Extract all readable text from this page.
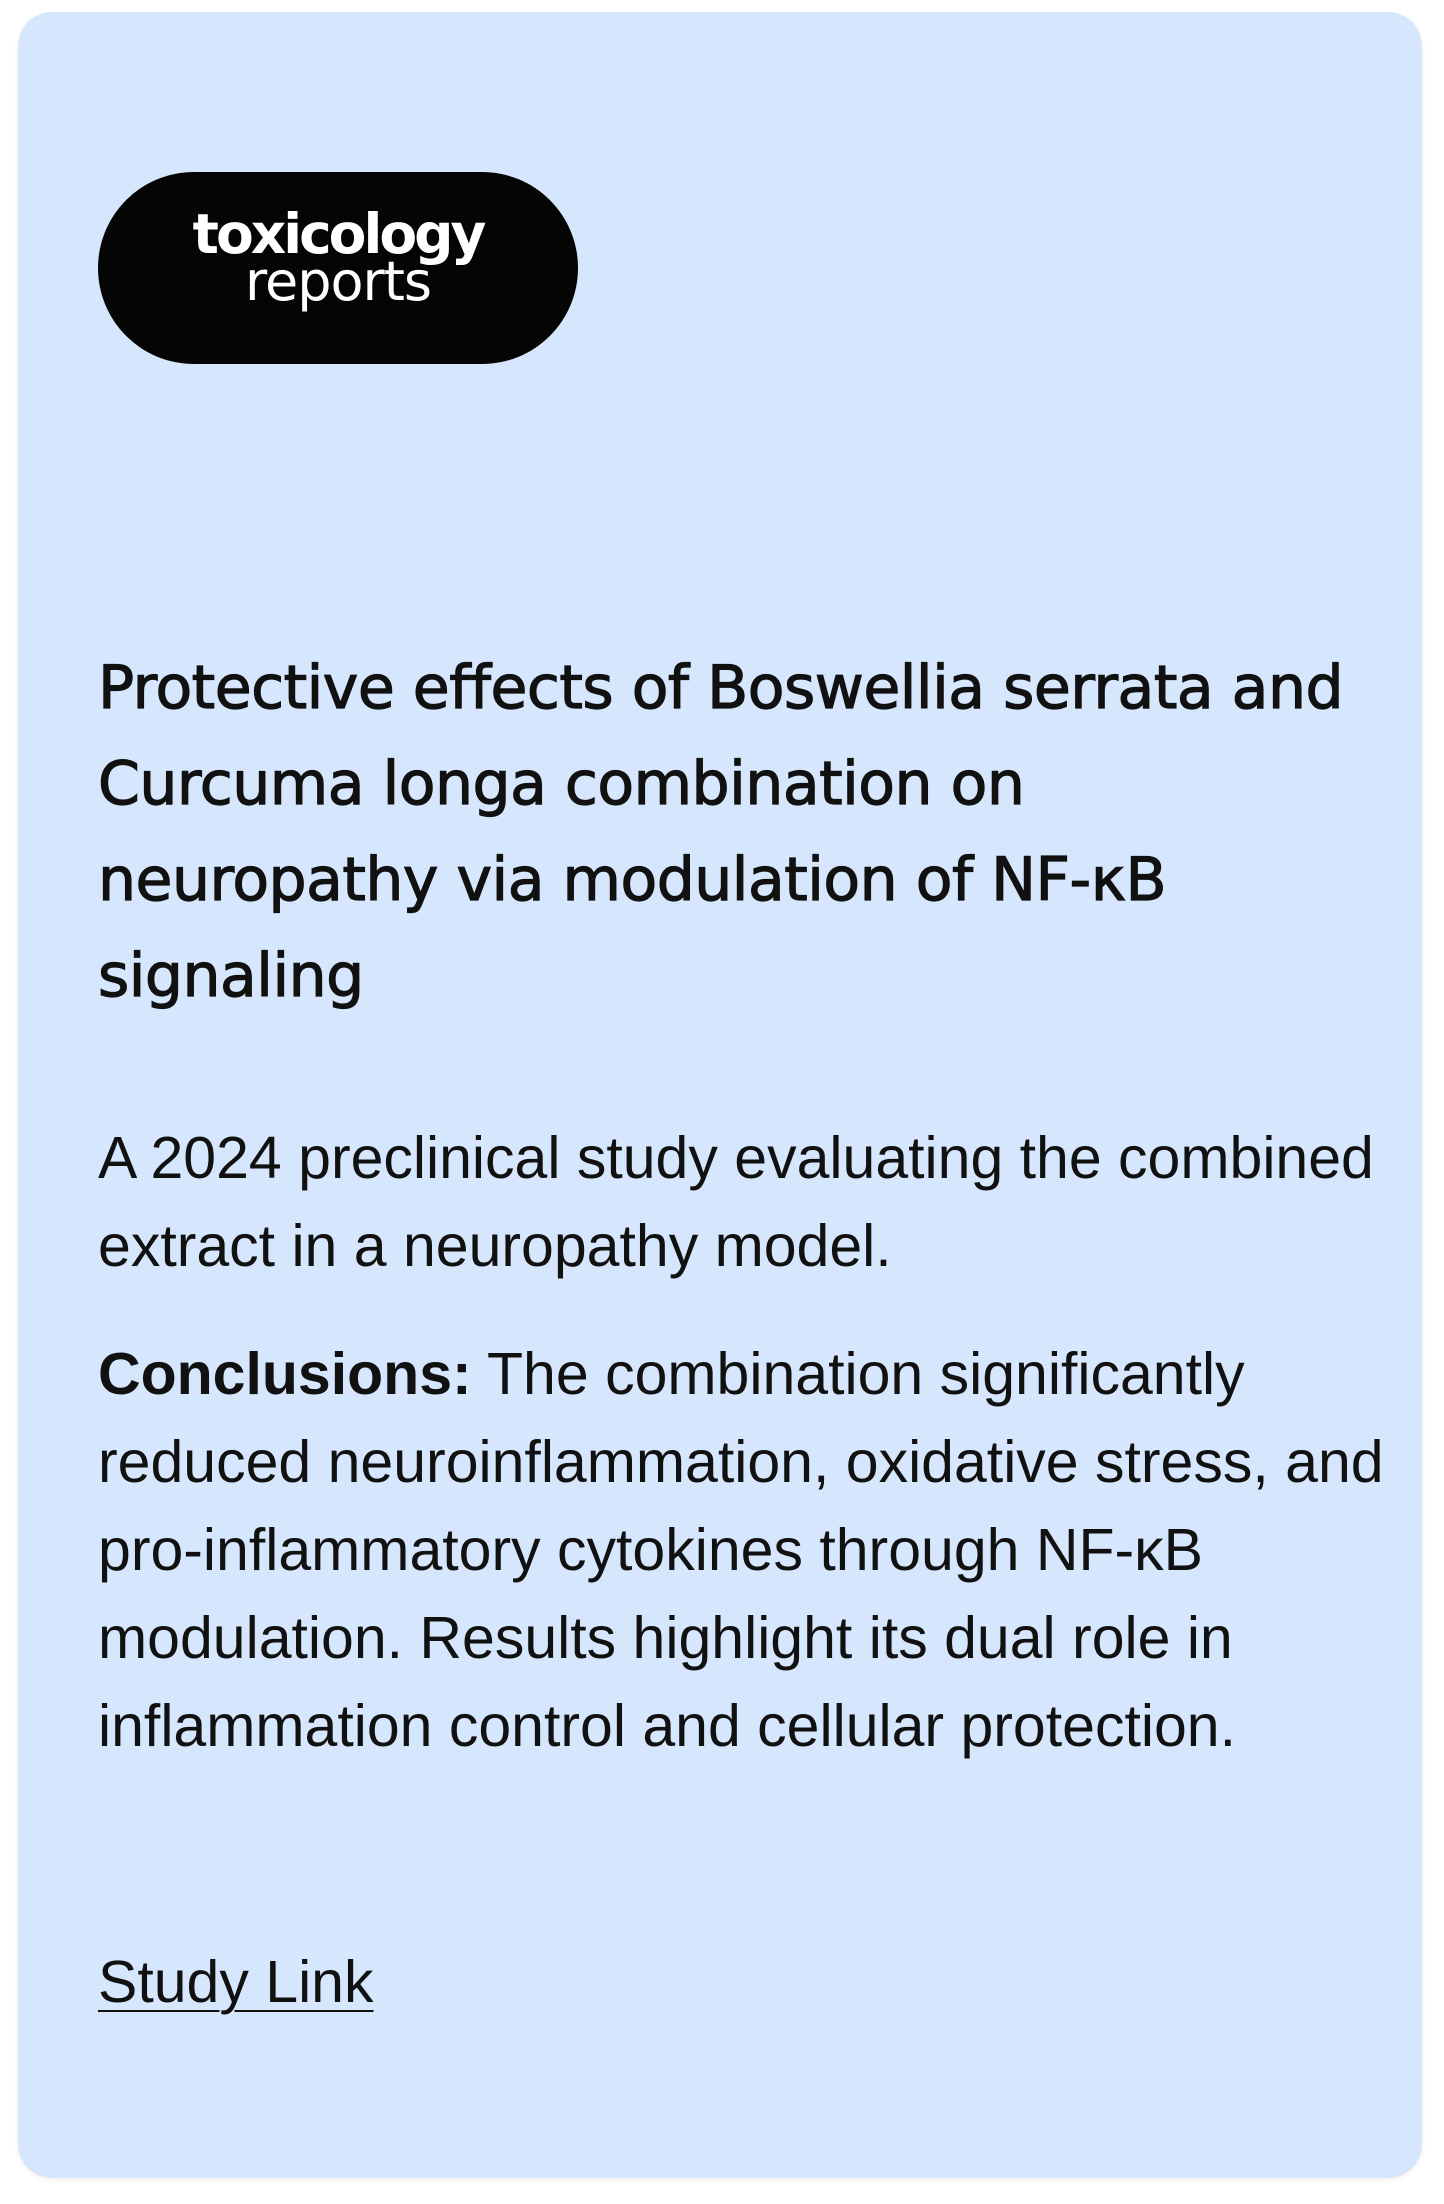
toxicology
reports
Protective effects of Boswellia serrata and Curcuma longa combination on neuropathy via modulation of NF-κB signaling

A 2024 preclinical study evaluating the combined extract in a neuropathy model.

Conclusions: The combination significantly reduced neuroinflammation, oxidative stress, and pro-inflammatory cytokines through NF-κB modulation. Results highlight its dual role in inflammation control and cellular protection.

Study Link
